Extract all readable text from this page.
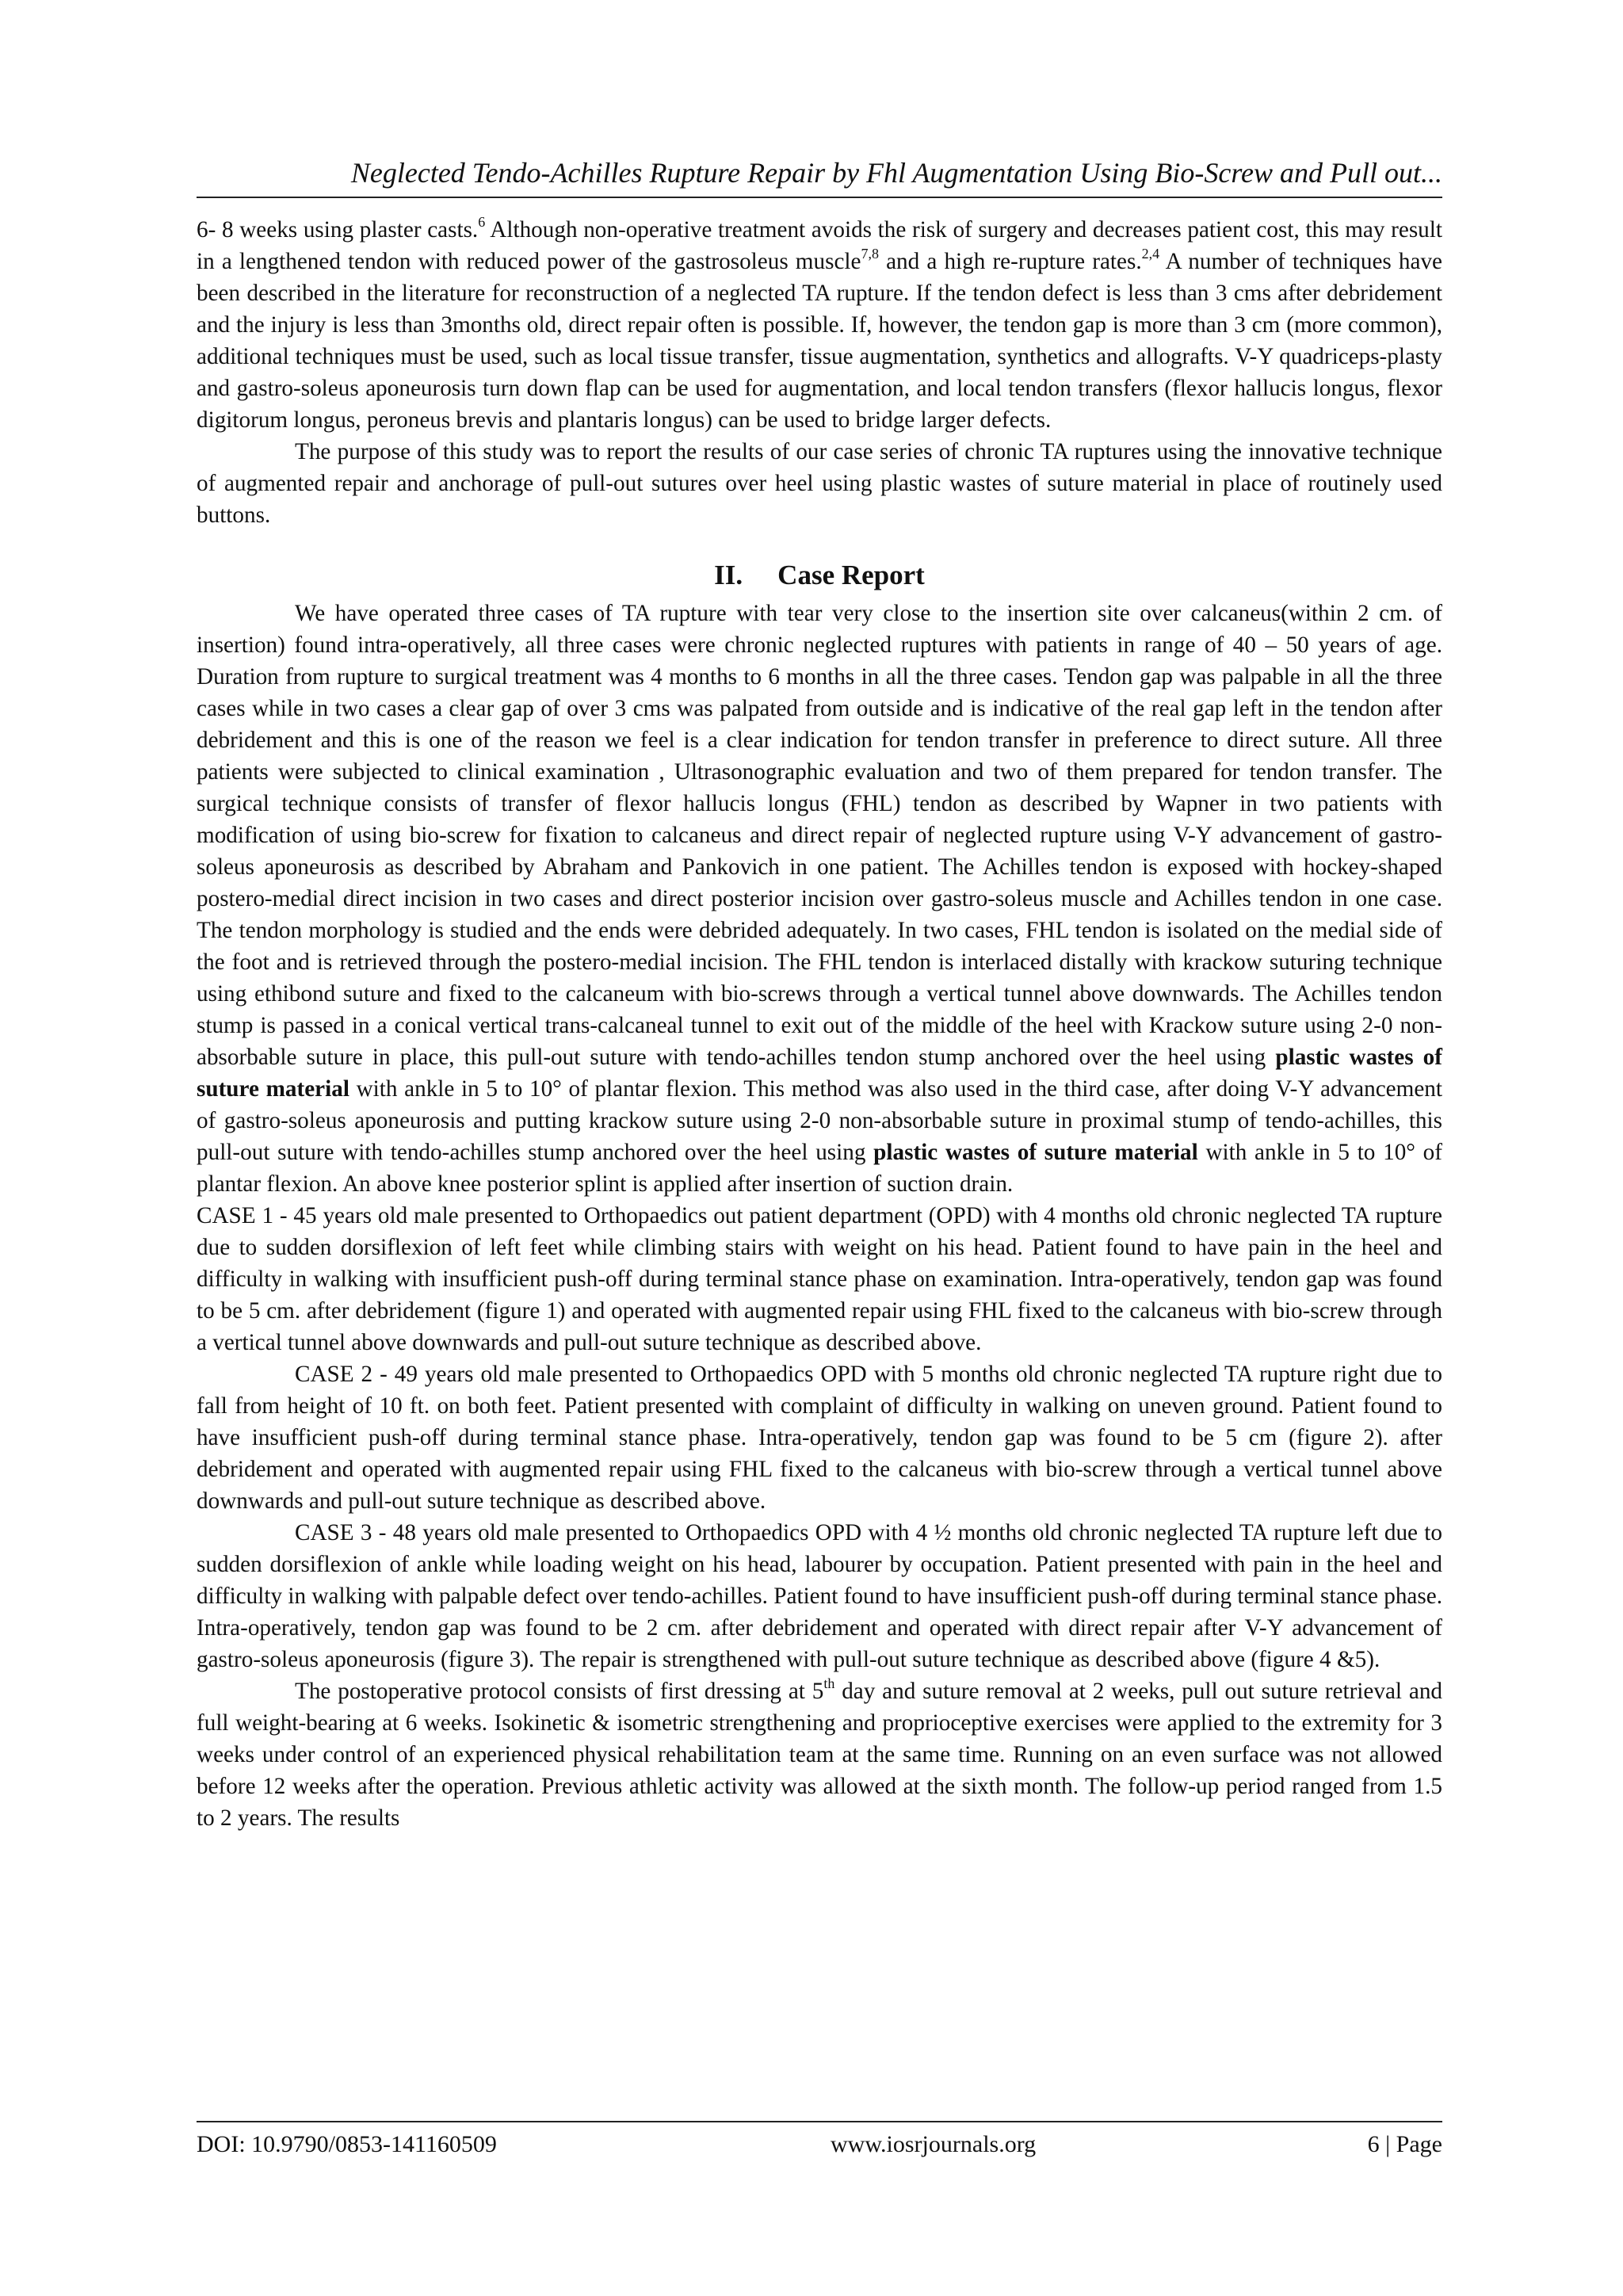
Neglected Tendo-Achilles Rupture Repair by Fhl Augmentation Using Bio-Screw and Pull out...

6- 8 weeks using plaster casts.$^6$ Although non-operative treatment avoids the risk of surgery and decreases patient cost, this may result in a lengthened tendon with reduced power of the gastrosoleus muscle$^{7,8}$ and a high re-rupture rates.$^{2,4}$ A number of techniques have been described in the literature for reconstruction of a neglected TA rupture. If the tendon defect is less than 3 cms after debridement and the injury is less than 3months old, direct repair often is possible. If, however, the tendon gap is more than 3 cm (more common), additional techniques must be used, such as local tissue transfer, tissue augmentation, synthetics and allografts. V-Y quadriceps-plasty and gastro-soleus aponeurosis turn down flap can be used for augmentation, and local tendon transfers (flexor hallucis longus, flexor digitorum longus, peroneus brevis and plantaris longus) can be used to bridge larger defects.

The purpose of this study was to report the results of our case series of chronic TA ruptures using the innovative technique of augmented repair and anchorage of pull-out sutures over heel using plastic wastes of suture material in place of routinely used buttons.

II. Case Report

We have operated three cases of TA rupture with tear very close to the insertion site over calcaneus(within 2 cm. of insertion) found intra-operatively, all three cases were chronic neglected ruptures with patients in range of 40 – 50 years of age. Duration from rupture to surgical treatment was 4 months to 6 months in all the three cases. Tendon gap was palpable in all the three cases while in two cases a clear gap of over 3 cms was palpated from outside and is indicative of the real gap left in the tendon after debridement and this is one of the reason we feel is a clear indication for tendon transfer in preference to direct suture. All three patients were subjected to clinical examination , Ultrasonographic evaluation and two of them prepared for tendon transfer. The surgical technique consists of transfer of flexor hallucis longus (FHL) tendon as described by Wapner in two patients with modification of using bio-screw for fixation to calcaneus and direct repair of neglected rupture using V-Y advancement of gastro-soleus aponeurosis as described by Abraham and Pankovich in one patient. The Achilles tendon is exposed with hockey-shaped postero-medial direct incision in two cases and direct posterior incision over gastro-soleus muscle and Achilles tendon in one case. The tendon morphology is studied and the ends were debrided adequately. In two cases, FHL tendon is isolated on the medial side of the foot and is retrieved through the postero-medial incision. The FHL tendon is interlaced distally with krackow suturing technique using ethibond suture and fixed to the calcaneum with bio-screws through a vertical tunnel above downwards. The Achilles tendon stump is passed in a conical vertical trans-calcaneal tunnel to exit out of the middle of the heel with Krackow suture using 2-0 non-absorbable suture in place, this pull-out suture with tendo-achilles tendon stump anchored over the heel using plastic wastes of suture material with ankle in 5 to 10° of plantar flexion. This method was also used in the third case, after doing V-Y advancement of gastro-soleus aponeurosis and putting krackow suture using 2-0 non-absorbable suture in proximal stump of tendo-achilles, this pull-out suture with tendo-achilles stump anchored over the heel using plastic wastes of suture material with ankle in 5 to 10° of plantar flexion. An above knee posterior splint is applied after insertion of suction drain.

CASE 1 - 45 years old male presented to Orthopaedics out patient department (OPD) with 4 months old chronic neglected TA rupture due to sudden dorsiflexion of left feet while climbing stairs with weight on his head. Patient found to have pain in the heel and difficulty in walking with insufficient push-off during terminal stance phase on examination. Intra-operatively, tendon gap was found to be 5 cm. after debridement (figure 1) and operated with augmented repair using FHL fixed to the calcaneus with bio-screw through a vertical tunnel above downwards and pull-out suture technique as described above.

CASE 2 - 49 years old male presented to Orthopaedics OPD with 5 months old chronic neglected TA rupture right due to fall from height of 10 ft. on both feet. Patient presented with complaint of difficulty in walking on uneven ground. Patient found to have insufficient push-off during terminal stance phase. Intra-operatively, tendon gap was found to be 5 cm (figure 2). after debridement and operated with augmented repair using FHL fixed to the calcaneus with bio-screw through a vertical tunnel above downwards and pull-out suture technique as described above.

CASE 3 - 48 years old male presented to Orthopaedics OPD with 4 ½ months old chronic neglected TA rupture left due to sudden dorsiflexion of ankle while loading weight on his head, labourer by occupation. Patient presented with pain in the heel and difficulty in walking with palpable defect over tendo-achilles. Patient found to have insufficient push-off during terminal stance phase. Intra-operatively, tendon gap was found to be 2 cm. after debridement and operated with direct repair after V-Y advancement of gastro-soleus aponeurosis (figure 3). The repair is strengthened with pull-out suture technique as described above (figure 4 &5).

The postoperative protocol consists of first dressing at 5th day and suture removal at 2 weeks, pull out suture retrieval and full weight-bearing at 6 weeks. Isokinetic & isometric strengthening and proprioceptive exercises were applied to the extremity for 3 weeks under control of an experienced physical rehabilitation team at the same time. Running on an even surface was not allowed before 12 weeks after the operation. Previous athletic activity was allowed at the sixth month. The follow-up period ranged from 1.5 to 2 years. The results

DOI: 10.9790/0853-141160509	www.iosrjournals.org	6 | Page
